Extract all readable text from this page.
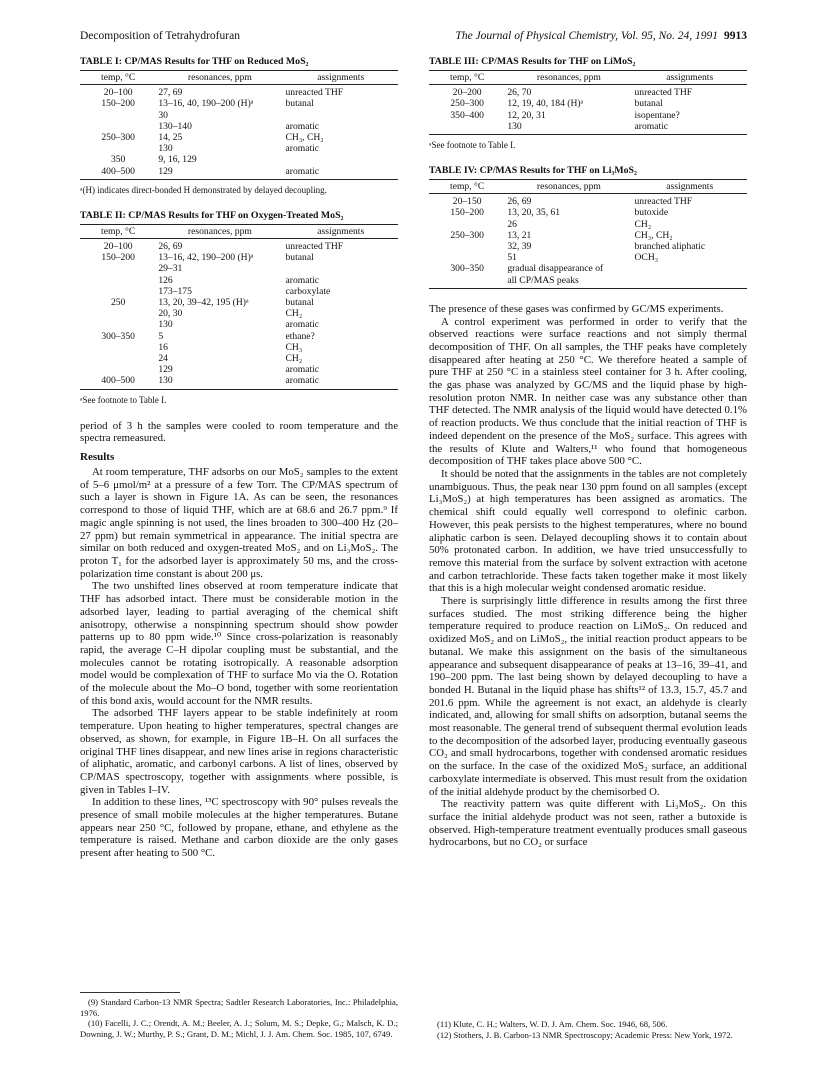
Decomposition of Tetrahydrofuran	The Journal of Physical Chemistry, Vol. 95, No. 24, 1991 9913
TABLE I: CP/MAS Results for THF on Reduced MoS₂
temp, °C	resonances, ppm	assignments
20–100	27, 69	unreacted THF
150–200	13–16, 40, 190–200 (H)ᵃ	butanal
	30	
	130–140	aromatic
250–300	14, 25	CH₃, CH₂
	130	aromatic
350	9, 16, 129	
400–500	129	aromatic
ᵃ(H) indicates direct-bonded H demonstrated by delayed decoupling.
TABLE II: CP/MAS Results for THF on Oxygen-Treated MoS₂
temp, °C	resonances, ppm	assignments
20–100	26, 69	unreacted THF
150–200	13–16, 42, 190–200 (H)ᵃ	butanal
	29–31	
	126	aromatic
	173–175	carboxylate
250	13, 20, 39–42, 195 (H)ᵃ	butanal
	20, 30	CH₂
	130	aromatic
300–350	5	ethane?
	16	CH₃
	24	CH₂
	129	aromatic
400–500	130	aromatic
ᵃSee footnote to Table I.

period of 3 h the samples were cooled to room temperature and the spectra remeasured.

Results

At room temperature, THF adsorbs on our MoS₂ samples to the extent of 5–6 μmol/m² at a pressure of a few Torr. The CP/MAS spectrum of such a layer is shown in Figure 1A. As can be seen, the resonances correspond to those of liquid THF, which are at 68.6 and 26.7 ppm.⁹ If magic angle spinning is not used, the lines broaden to 300–400 Hz (20–27 ppm) but remain symmetrical in appearance. The initial spectra are similar on both reduced and oxygen-treated MoS₂ and on Li₃MoS₂. The proton T₁ for the adsorbed layer is approximately 50 ms, and the cross-polarization time constant is about 200 μs.

The two unshifted lines observed at room temperature indicate that THF has adsorbed intact. There must be considerable motion in the adsorbed layer, leading to partial averaging of the chemical shift anisotropy, otherwise a nonspinning spectrum should show powder patterns up to 80 ppm wide.¹⁰ Since cross-polarization is reasonably rapid, the average C–H dipolar coupling must be substantial, and the molecules cannot be rotating isotropically. A reasonable adsorption model would be complexation of THF to surface Mo via the O. Rotation of the molecule about the Mo–O bond, together with some reorientation of this bond axis, would account for the NMR results.

The adsorbed THF layers appear to be stable indefinitely at room temperature. Upon heating to higher temperatures, spectral changes are observed, as shown, for example, in Figure 1B–H. On all surfaces the original THF lines disappear, and new lines arise in regions characteristic of aliphatic, aromatic, and carbonyl carbons. A list of lines, observed by CP/MAS spectroscopy, together with assignments where possible, is given in Tables I–IV.

In addition to these lines, ¹³C spectroscopy with 90° pulses reveals the presence of small mobile molecules at the higher temperatures. Butane appears near 250 °C, followed by propane, ethane, and ethylene as the temperature is raised. Methane and carbon dioxide are the only gases present after heating to 500 °C.

TABLE III: CP/MAS Results for THF on LiMoS₂
temp, °C	resonances, ppm	assignments
20–200	26, 70	unreacted THF
250–300	12, 19, 40, 184 (H)ᵃ	butanal
350–400	12, 20, 31	isopentane?
	130	aromatic
ᵃSee footnote to Table I.
TABLE IV: CP/MAS Results for THF on Li₃MoS₂
temp, °C	resonances, ppm	assignments
20–150	26, 69	unreacted THF
150–200	13, 20, 35, 61	butoxide
	26	CH₂
250–300	13, 21	CH₃, CH₂
	32, 39	branched aliphatic
	51	OCH₃
300–350	gradual disappearance of	
	all CP/MAS peaks	

The presence of these gases was confirmed by GC/MS experiments.

A control experiment was performed in order to verify that the observed reactions were surface reactions and not simply thermal decomposition of THF. On all samples, the THF peaks have completely disappeared after heating at 250 °C. We therefore heated a sample of pure THF at 250 °C in a stainless steel container for 3 h. After cooling, the gas phase was analyzed by GC/MS and the liquid phase by high-resolution proton NMR. In neither case was any substance other than THF detected. The NMR analysis of the liquid would have detected 0.1% of reaction products. We thus conclude that the initial reaction of THF is indeed dependent on the presence of the MoS₂ surface. This agrees with the results of Klute and Walters,¹¹ who found that homogeneous decomposition of THF takes place above 500 °C.

It should be noted that the assignments in the tables are not completely unambiguous. Thus, the peak near 130 ppm found on all samples (except Li₃MoS₂) at high temperatures has been assigned as aromatics. The chemical shift could equally well correspond to olefinic carbon. However, this peak persists to the highest temperatures, where no bound aliphatic carbon is seen. Delayed decoupling shows it to contain about 50% protonated carbon. In addition, we have tried unsuccessfully to remove this material from the surface by solvent extraction with acetone and carbon tetrachloride. These facts taken together make it most likely that this is a high molecular weight condensed aromatic residue.

There is surprisingly little difference in results among the first three surfaces studied. The most striking difference being the higher temperature required to produce reaction on LiMoS₂. On reduced and oxidized MoS₂ and on LiMoS₂, the initial reaction product appears to be butanal. We make this assignment on the basis of the simultaneous appearance and subsequent disappearance of peaks at 13–16, 39–41, and 190–200 ppm. The last being shown by delayed decoupling to have a bonded H. Butanal in the liquid phase has shifts¹² of 13.3, 15.7, 45.7 and 201.6 ppm. While the agreement is not exact, an aldehyde is clearly indicated, and, allowing for small shifts on adsorption, butanal seems the most reasonable. The general trend of subsequent thermal evolution leads to the decomposition of the adsorbed layer, producing eventually gaseous CO₂ and small hydrocarbons, together with condensed aromatic residues on the surface. In the case of the oxidized MoS₂ surface, an additional carboxylate intermediate is observed. This must result from the oxidation of the initial aldehyde product by the chemisorbed O.

The reactivity pattern was quite different with Li₃MoS₂. On this surface the initial aldehyde product was not seen, rather a butoxide is observed. High-temperature treatment eventually produces small gaseous hydrocarbons, but no CO₂ or surface

(9) Standard Carbon-13 NMR Spectra; Sadtler Research Laboratories, Inc.: Philadelphia, 1976.
(10) Facelli, J. C.; Orendt, A. M.; Beeler, A. J.; Solum, M. S.; Depke, G.; Malsch, K. D.; Downing, J. W.; Murthy, P. S.; Grant, D. M.; Michl, J. J. Am. Chem. Soc. 1985, 107, 6749.
(11) Klute, C. H.; Walters, W. D. J. Am. Chem. Soc. 1946, 68, 506.
(12) Stothers, J. B. Carbon-13 NMR Spectroscopy; Academic Press: New York, 1972.
